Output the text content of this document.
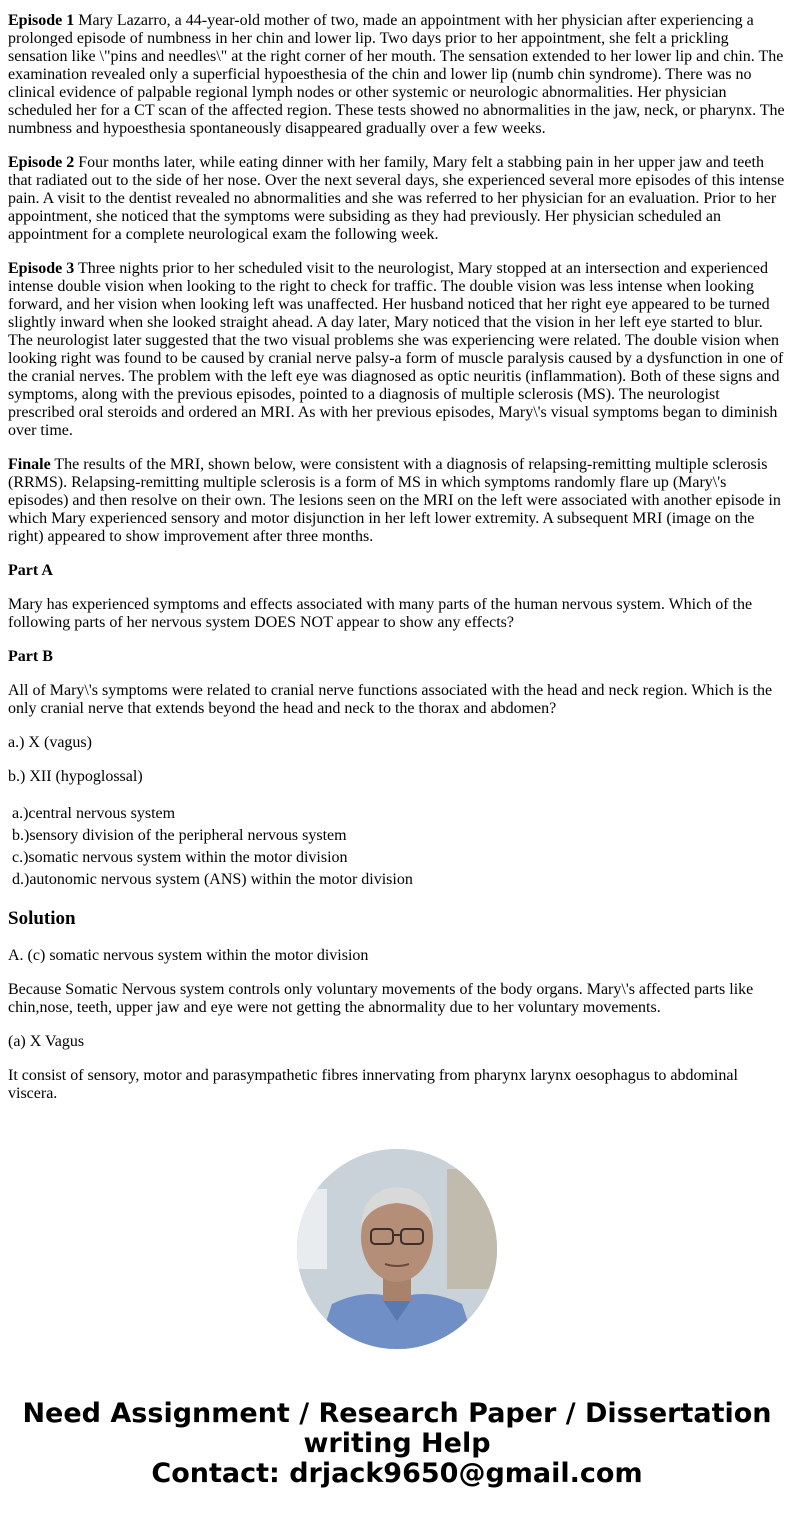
Episode 1 Mary Lazarro, a 44-year-old mother of two, made an appointment with her physician after experiencing a prolonged episode of numbness in her chin and lower lip. Two days prior to her appointment, she felt a prickling sensation like \"pins and needles\" at the right corner of her mouth. The sensation extended to her lower lip and chin. The examination revealed only a superficial hypoesthesia of the chin and lower lip (numb chin syndrome). There was no clinical evidence of palpable regional lymph nodes or other systemic or neurologic abnormalities. Her physician scheduled her for a CT scan of the affected region. These tests showed no abnormalities in the jaw, neck, or pharynx. The numbness and hypoesthesia spontaneously disappeared gradually over a few weeks.

Episode 2 Four months later, while eating dinner with her family, Mary felt a stabbing pain in her upper jaw and teeth that radiated out to the side of her nose. Over the next several days, she experienced several more episodes of this intense pain. A visit to the dentist revealed no abnormalities and she was referred to her physician for an evaluation. Prior to her appointment, she noticed that the symptoms were subsiding as they had previously. Her physician scheduled an appointment for a complete neurological exam the following week.

Episode 3 Three nights prior to her scheduled visit to the neurologist, Mary stopped at an intersection and experienced intense double vision when looking to the right to check for traffic. The double vision was less intense when looking forward, and her vision when looking left was unaffected. Her husband noticed that her right eye appeared to be turned slightly inward when she looked straight ahead. A day later, Mary noticed that the vision in her left eye started to blur. The neurologist later suggested that the two visual problems she was experiencing were related. The double vision when looking right was found to be caused by cranial nerve palsy-a form of muscle paralysis caused by a dysfunction in one of the cranial nerves. The problem with the left eye was diagnosed as optic neuritis (inflammation). Both of these signs and symptoms, along with the previous episodes, pointed to a diagnosis of multiple sclerosis (MS). The neurologist prescribed oral steroids and ordered an MRI. As with her previous episodes, Mary\'s visual symptoms began to diminish over time.

Finale The results of the MRI, shown below, were consistent with a diagnosis of relapsing-remitting multiple sclerosis (RRMS). Relapsing-remitting multiple sclerosis is a form of MS in which symptoms randomly flare up (Mary\'s episodes) and then resolve on their own. The lesions seen on the MRI on the left were associated with another episode in which Mary experienced sensory and motor disjunction in her left lower extremity. A subsequent MRI (image on the right) appeared to show improvement after three months.

Part A

Mary has experienced symptoms and effects associated with many parts of the human nervous system. Which of the following parts of her nervous system DOES NOT appear to show any effects?

Part B

All of Mary\'s symptoms were related to cranial nerve functions associated with the head and neck region. Which is the only cranial nerve that extends beyond the head and neck to the thorax and abdomen?

a.) X (vagus)

b.) XII (hypoglossal)

a.)central nervous system
b.)sensory division of the peripheral nervous system
c.)somatic nervous system within the motor division
d.)autonomic nervous system (ANS) within the motor division
Solution

A. (c) somatic nervous system within the motor division

Because Somatic Nervous system controls only voluntary movements of the body organs. Mary\'s affected parts like chin,nose, teeth, upper jaw and eye were not getting the abnormality due to her voluntary movements.

(a) X Vagus

It consist of sensory, motor and parasympathetic fibres innervating from pharynx larynx oesophagus to abdominal viscera.

Need Assignment / Research Paper / Dissertation writing Help
Contact: drjack9650@gmail.com
